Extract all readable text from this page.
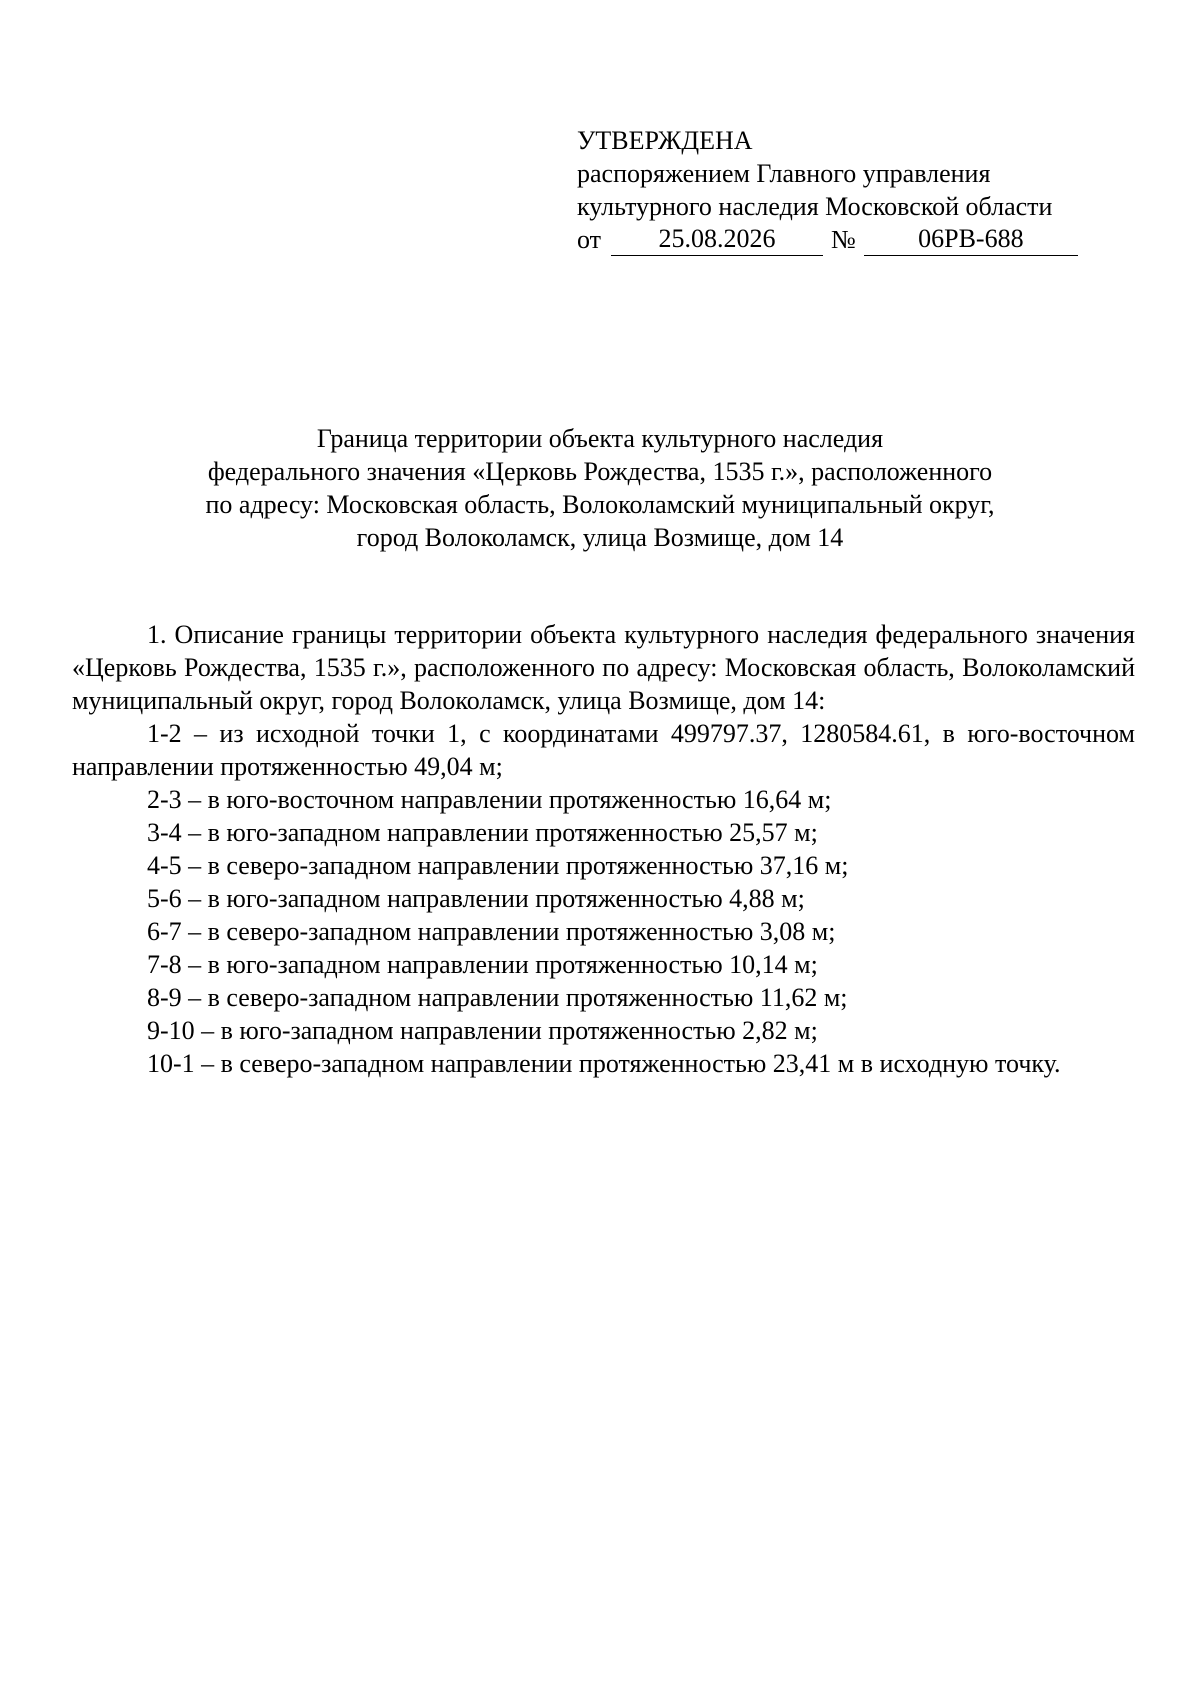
УТВЕРЖДЕНА
распоряжением Главного управления
культурного наследия Московской области
от	25.08.2026	№	06РВ-688
Граница территории объекта культурного наследия
федерального значения «Церковь Рождества, 1535 г.», расположенного
по адресу: Московская область, Волоколамский муниципальный округ,
город Волоколамск, улица Возмище, дом 14

1. Описание границы территории объекта культурного наследия федерального значения «Церковь Рождества, 1535 г.», расположенного по адресу: Московская область, Волоколамский муниципальный округ, город Волоколамск, улица Возмище, дом 14:

1-2 – из исходной точки 1, с координатами 499797.37, 1280584.61, в юго-восточном направлении протяженностью 49,04 м;

2-3 – в юго-восточном направлении протяженностью 16,64 м;

3-4 – в юго-западном направлении протяженностью 25,57 м;

4-5 – в северо-западном направлении протяженностью 37,16 м;

5-6 – в юго-западном направлении протяженностью 4,88 м;

6-7 – в северо-западном направлении протяженностью 3,08 м;

7-8 – в юго-западном направлении протяженностью 10,14 м;

8-9 – в северо-западном направлении протяженностью 11,62 м;

9-10 – в юго-западном направлении протяженностью 2,82 м;

10-1 – в северо-западном направлении протяженностью 23,41 м в исходную точку.
